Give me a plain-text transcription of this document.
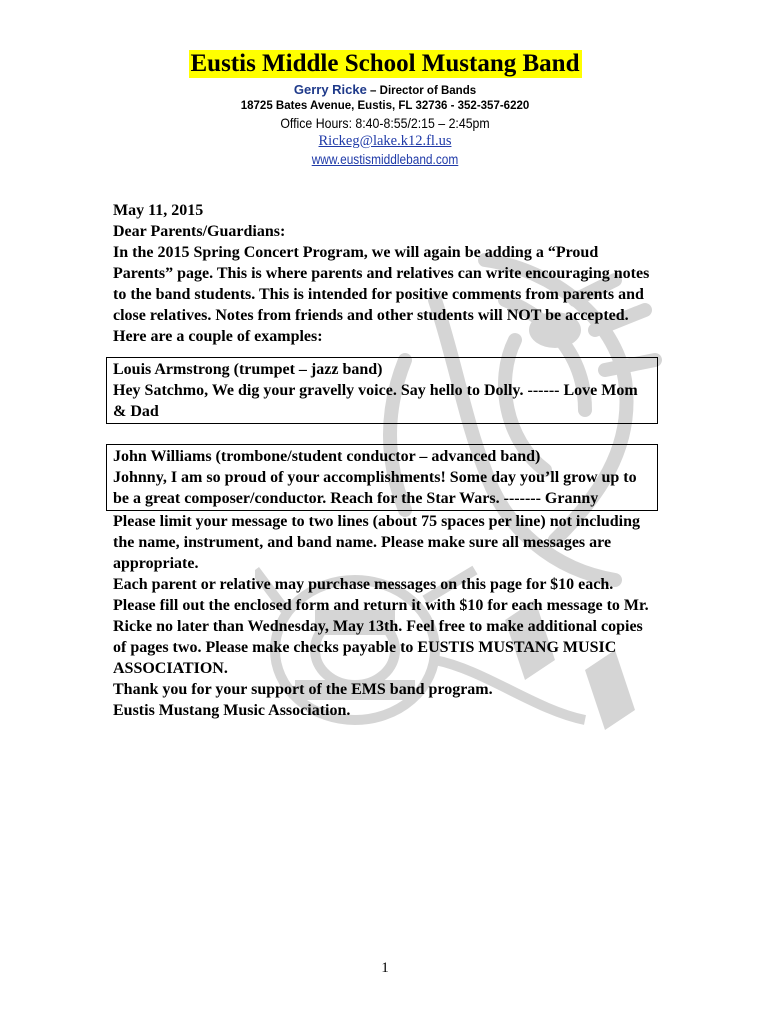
Eustis Middle School Mustang Band
Gerry Ricke – Director of Bands
18725 Bates Avenue, Eustis, FL 32736 - 352-357-6220
Office Hours: 8:40-8:55/2:15 – 2:45pm
Rickeg@lake.k12.fl.us
www.eustismiddleband.com

May 11, 2015

Dear Parents/Guardians:

In the 2015 Spring Concert Program, we will again be adding a “Proud Parents” page. This is where parents and relatives can write encouraging notes to the band students. This is intended for positive comments from parents and close relatives. Notes from friends and other students will NOT be accepted.

Here are a couple of examples:

Louis Armstrong (trumpet – jazz band)

Hey Satchmo, We dig your gravelly voice. Say hello to Dolly. ------ Love Mom & Dad

John Williams (trombone/student conductor – advanced band)

Johnny, I am so proud of your accomplishments! Some day you’ll grow up to be a great composer/conductor. Reach for the Star Wars. ------- Granny

Please limit your message to two lines (about 75 spaces per line) not including the name, instrument, and band name. Please make sure all messages are appropriate.

Each parent or relative may purchase messages on this page for $10 each. Please fill out the enclosed form and return it with $10 for each message to Mr. Ricke no later than Wednesday, May 13th. Feel free to make additional copies of pages two. Please make checks payable to EUSTIS MUSTANG MUSIC ASSOCIATION.

Thank you for your support of the EMS band program.

Eustis Mustang Music Association.

1
